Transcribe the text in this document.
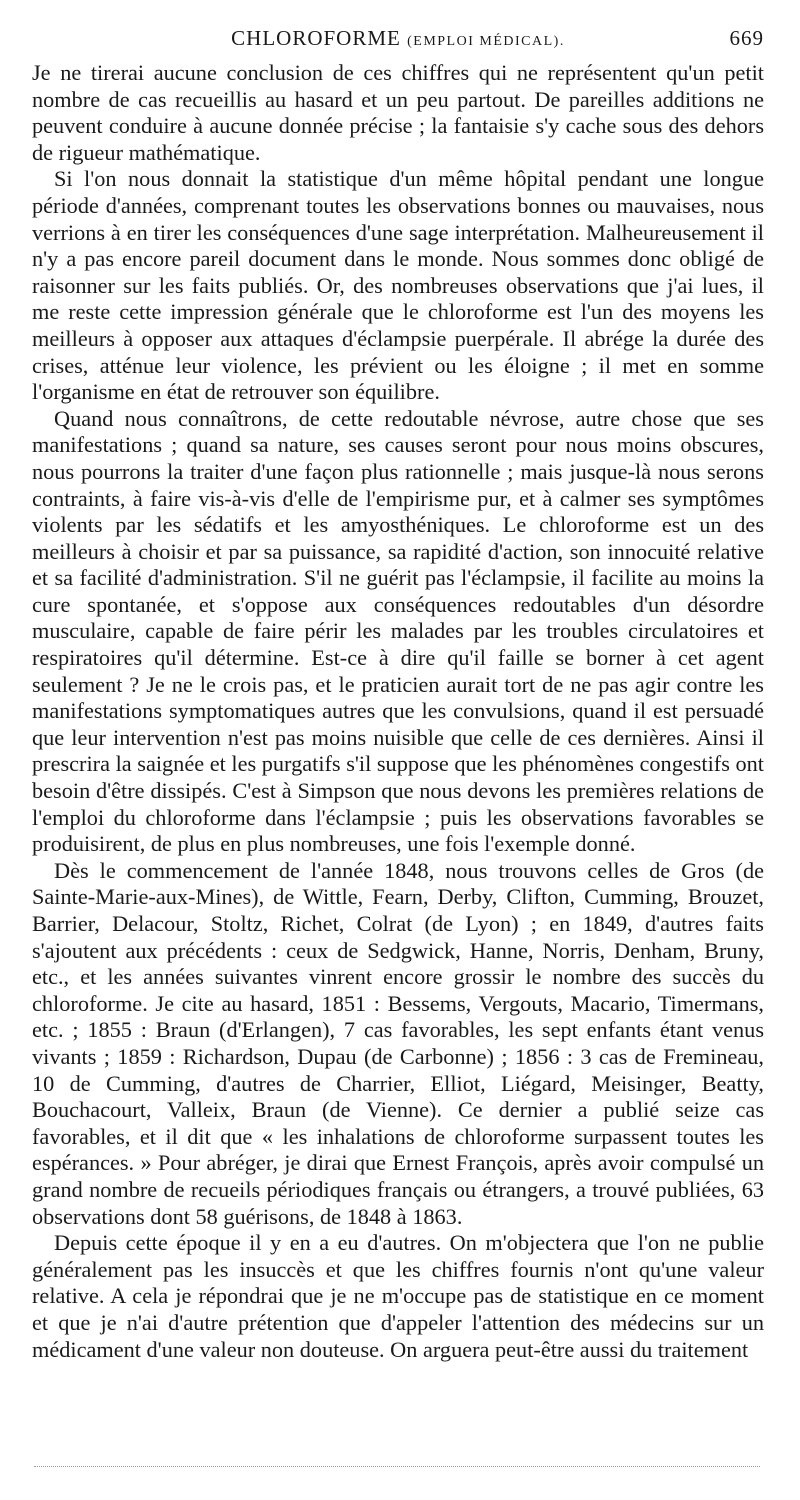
CHLOROFORME (EMPLOI MÉDICAL).	669

Je ne tirerai aucune conclusion de ces chiffres qui ne représentent qu'un petit nombre de cas recueillis au hasard et un peu partout. De pareilles additions ne peuvent conduire à aucune donnée précise ; la fantaisie s'y cache sous des dehors de rigueur mathématique.

Si l'on nous donnait la statistique d'un même hôpital pendant une longue période d'années, comprenant toutes les observations bonnes ou mauvaises, nous verrions à en tirer les conséquences d'une sage interprétation. Malheureusement il n'y a pas encore pareil document dans le monde. Nous sommes donc obligé de raisonner sur les faits publiés. Or, des nombreuses observations que j'ai lues, il me reste cette impression générale que le chloroforme est l'un des moyens les meilleurs à opposer aux attaques d'éclampsie puerpérale. Il abrége la durée des crises, atténue leur violence, les prévient ou les éloigne ; il met en somme l'organisme en état de retrouver son équilibre.

Quand nous connaîtrons, de cette redoutable névrose, autre chose que ses manifestations ; quand sa nature, ses causes seront pour nous moins obscures, nous pourrons la traiter d'une façon plus rationnelle ; mais jusque-là nous serons contraints, à faire vis-à-vis d'elle de l'empirisme pur, et à calmer ses symptômes violents par les sédatifs et les amyosthéniques. Le chloroforme est un des meilleurs à choisir et par sa puissance, sa rapidité d'action, son innocuité relative et sa facilité d'administration. S'il ne guérit pas l'éclampsie, il facilite au moins la cure spontanée, et s'oppose aux conséquences redoutables d'un désordre musculaire, capable de faire périr les malades par les troubles circulatoires et respiratoires qu'il détermine. Est-ce à dire qu'il faille se borner à cet agent seulement ? Je ne le crois pas, et le praticien aurait tort de ne pas agir contre les manifestations symptomatiques autres que les convulsions, quand il est persuadé que leur intervention n'est pas moins nuisible que celle de ces dernières. Ainsi il prescrira la saignée et les purgatifs s'il suppose que les phénomènes congestifs ont besoin d'être dissipés. C'est à Simpson que nous devons les premières relations de l'emploi du chloroforme dans l'éclampsie ; puis les observations favorables se produisirent, de plus en plus nombreuses, une fois l'exemple donné.

Dès le commencement de l'année 1848, nous trouvons celles de Gros (de Sainte-Marie-aux-Mines), de Wittle, Fearn, Derby, Clifton, Cumming, Brouzet, Barrier, Delacour, Stoltz, Richet, Colrat (de Lyon) ; en 1849, d'autres faits s'ajoutent aux précédents : ceux de Sedgwick, Hanne, Norris, Denham, Bruny, etc., et les années suivantes vinrent encore grossir le nombre des succès du chloroforme. Je cite au hasard, 1851 : Bessems, Vergouts, Macario, Timermans, etc. ; 1855 : Braun (d'Erlangen), 7 cas favorables, les sept enfants étant venus vivants ; 1859 : Richardson, Dupau (de Carbonne) ; 1856 : 3 cas de Fremineau, 10 de Cumming, d'autres de Charrier, Elliot, Liégard, Meisinger, Beatty, Bouchacourt, Valleix, Braun (de Vienne). Ce dernier a publié seize cas favorables, et il dit que « les inhalations de chloroforme surpassent toutes les espérances. » Pour abréger, je dirai que Ernest François, après avoir compulsé un grand nombre de recueils périodiques français ou étrangers, a trouvé publiées, 63 observations dont 58 guérisons, de 1848 à 1863.

Depuis cette époque il y en a eu d'autres. On m'objectera que l'on ne publie généralement pas les insuccès et que les chiffres fournis n'ont qu'une valeur relative. A cela je répondrai que je ne m'occupe pas de statistique en ce moment et que je n'ai d'autre prétention que d'appeler l'attention des médecins sur un médicament d'une valeur non douteuse. On arguera peut-être aussi du traitement
